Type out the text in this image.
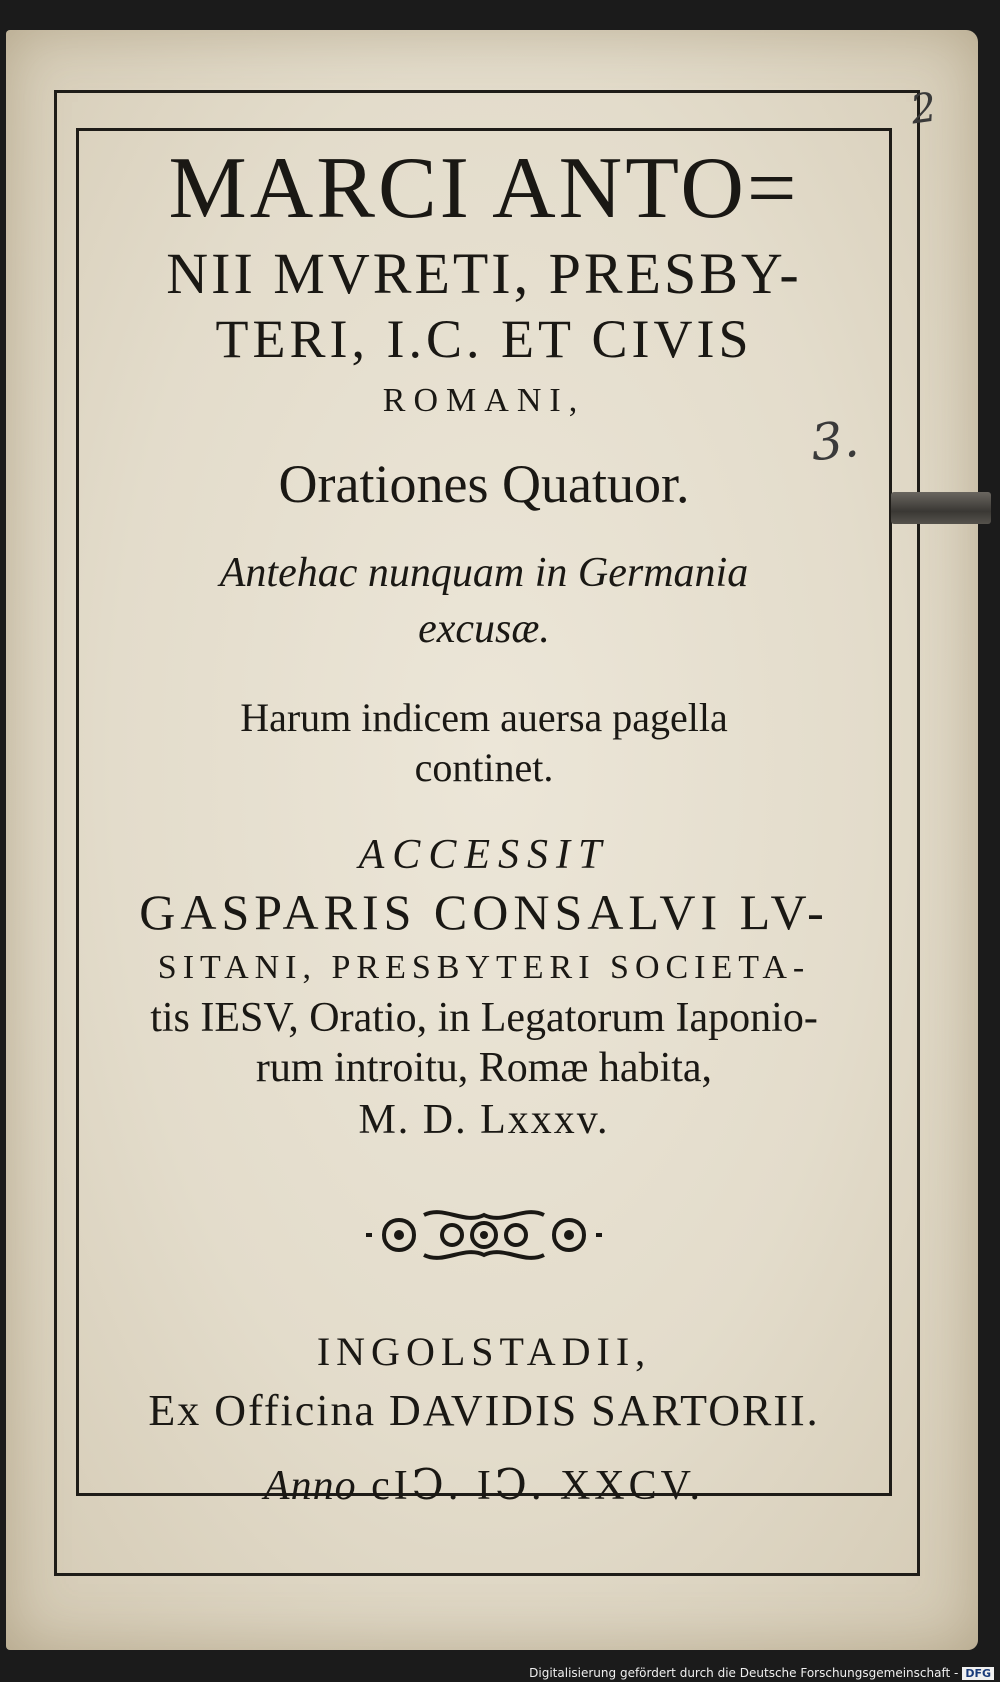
MARCI ANTO=

NII MVRETI, PRESBY-

TERI, I.C. ET CIVIS

ROMANI,

Orationes Quatuor.

Antehac nunquam in Germania

excusæ.

Harum indicem auersa pagella

continet.

ACCESSIT

GASPARIS CONSALVI LV-

SITANI, PRESBYTERI SOCIETA-

tis IESV, Oratio, in Legatorum Iaponio-

rum introitu, Romæ habita,

M. D. Lxxxv.

INGOLSTADII,

Ex Officina DAVIDIS SARTORII.

Anno cIↃ. IↃ. XXCV.

2
3.
Digitalisierung gefördert durch die Deutsche Forschungsgemeinschaft - DFG
